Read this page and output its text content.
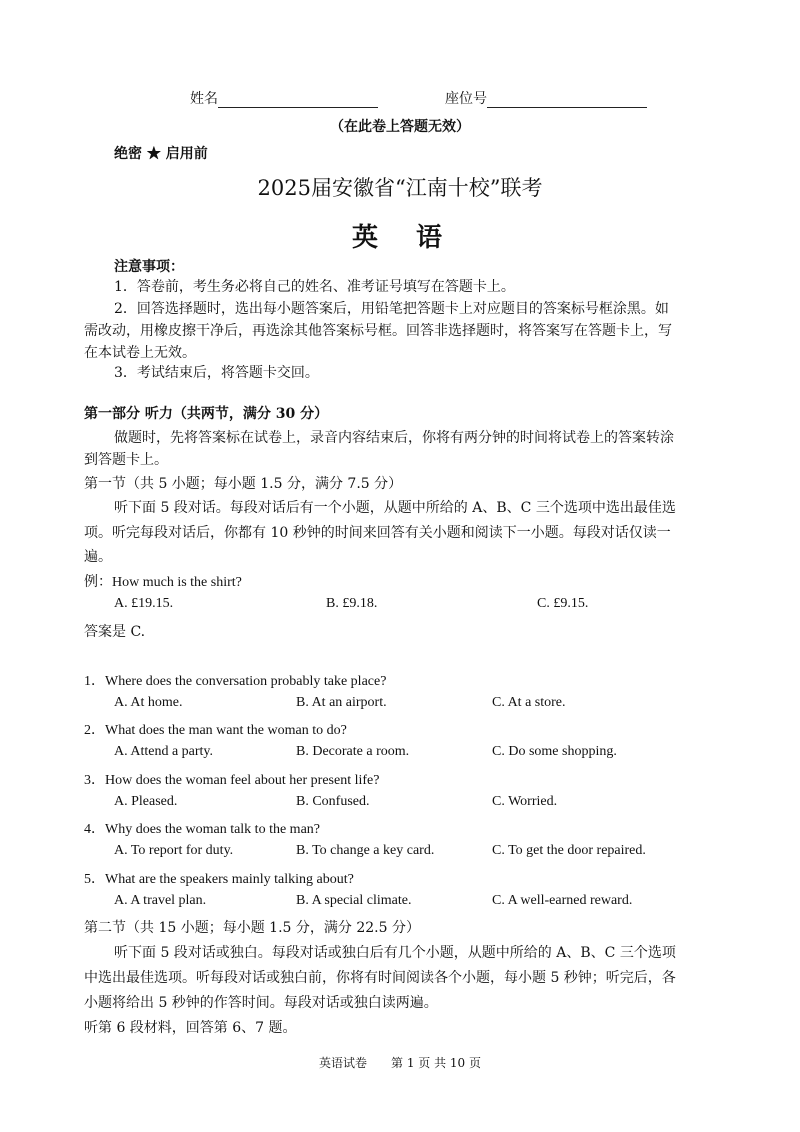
姓名	座位号
（在此卷上答题无效）
绝密 ★ 启用前
2025届安徽省“江南十校”联考
英　语
注意事项：
1．答卷前，考生务必将自己的姓名、准考证号填写在答题卡上。
2．回答选择题时，选出每小题答案后，用铅笔把答题卡上对应题目的答案标号框涂黑。如
需改动，用橡皮擦干净后，再选涂其他答案标号框。回答非选择题时，将答案写在答题卡上，写
在本试卷上无效。
3．考试结束后，将答题卡交回。
第一部分 听力（共两节，满分 30 分）
做题时，先将答案标在试卷上，录音内容结束后，你将有两分钟的时间将试卷上的答案转涂
到答题卡上。
第一节（共 5 小题；每小题 1.5 分，满分 7.5 分）
听下面 5 段对话。每段对话后有一个小题，从题中所给的 A、B、C 三个选项中选出最佳选
项。听完每段对话后，你都有 10 秒钟的时间来回答有关小题和阅读下一小题。每段对话仅读一
遍。
例：How much is the shirt?
A. £19.15.	B. £9.18.	C. £9.15.
答案是 C.
1．Where does the conversation probably take place?
A. At home.	B. At an airport.	C. At a store.
2．What does the man want the woman to do?
A. Attend a party.	B. Decorate a room.	C. Do some shopping.
3．How does the woman feel about her present life?
A. Pleased.	B. Confused.	C. Worried.
4．Why does the woman talk to the man?
A. To report for duty.	B. To change a key card.	C. To get the door repaired.
5．What are the speakers mainly talking about?
A. A travel plan.	B. A special climate.	C. A well-earned reward.
第二节（共 15 小题；每小题 1.5 分，满分 22.5 分）
听下面 5 段对话或独白。每段对话或独白后有几个小题，从题中所给的 A、B、C 三个选项
中选出最佳选项。听每段对话或独白前，你将有时间阅读各个小题，每小题 5 秒钟；听完后，各
小题将给出 5 秒钟的作答时间。每段对话或独白读两遍。
听第 6 段材料，回答第 6、7 题。
英语试卷　　第 1 页 共 10 页
